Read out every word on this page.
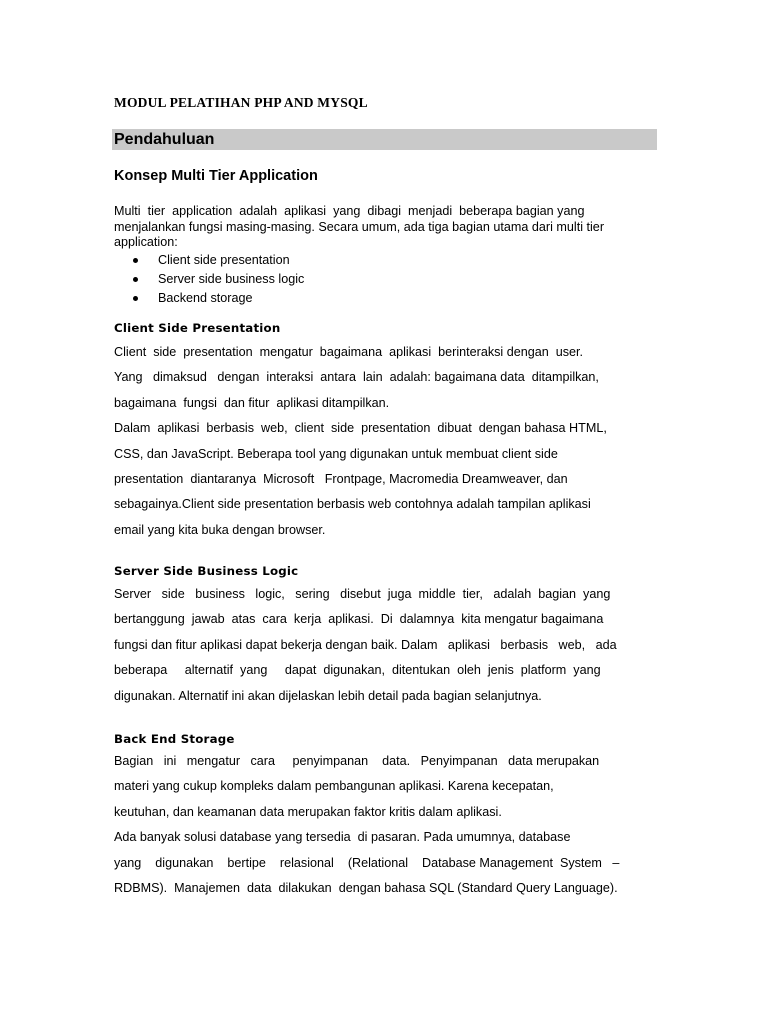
MODUL PELATIHAN PHP AND MYSQL
Pendahuluan
Konsep Multi Tier Application

Multi  tier  application  adalah  aplikasi  yang  dibagi  menjadi  beberapa bagian yang

menjalankan fungsi masing-masing. Secara umum, ada tiga bagian utama dari multi tier

application:

Client side presentation
Server side business logic
Backend storage
Client Side Presentation
Client  side  presentation  mengatur  bagaimana  aplikasi  berinteraksi dengan  user.
Yang   dimaksud   dengan  interaksi  antara  lain  adalah: bagaimana data  ditampilkan,
bagaimana  fungsi  dan fitur  aplikasi ditampilkan.
Dalam  aplikasi  berbasis  web,  client  side  presentation  dibuat  dengan bahasa HTML,
CSS, dan JavaScript. Beberapa tool yang digunakan untuk membuat client side
presentation  diantaranya  Microsoft   Frontpage, Macromedia Dreamweaver, dan
sebagainya.Client side presentation berbasis web contohnya adalah tampilan aplikasi
email yang kita buka dengan browser.
Server Side Business Logic
Server   side   business   logic,   sering   disebut  juga  middle  tier,   adalah  bagian  yang
bertanggung  jawab  atas  cara  kerja  aplikasi.  Di  dalamnya  kita mengatur bagaimana
fungsi dan fitur aplikasi dapat bekerja dengan baik. Dalam   aplikasi   berbasis   web,   ada
beberapa     alternatif  yang     dapat  digunakan,  ditentukan  oleh  jenis  platform  yang
digunakan. Alternatif ini akan dijelaskan lebih detail pada bagian selanjutnya.
Back End Storage
Bagian   ini   mengatur   cara     penyimpanan    data.   Penyimpanan   data merupakan
materi yang cukup kompleks dalam pembangunan aplikasi. Karena kecepatan,
keutuhan, dan keamanan data merupakan faktor kritis dalam aplikasi.
Ada banyak solusi database yang tersedia  di pasaran. Pada umumnya, database
yang    digunakan    bertipe    relasional    (Relational    Database Management  System   –
RDBMS).  Manajemen  data  dilakukan  dengan bahasa SQL (Standard Query Language).
